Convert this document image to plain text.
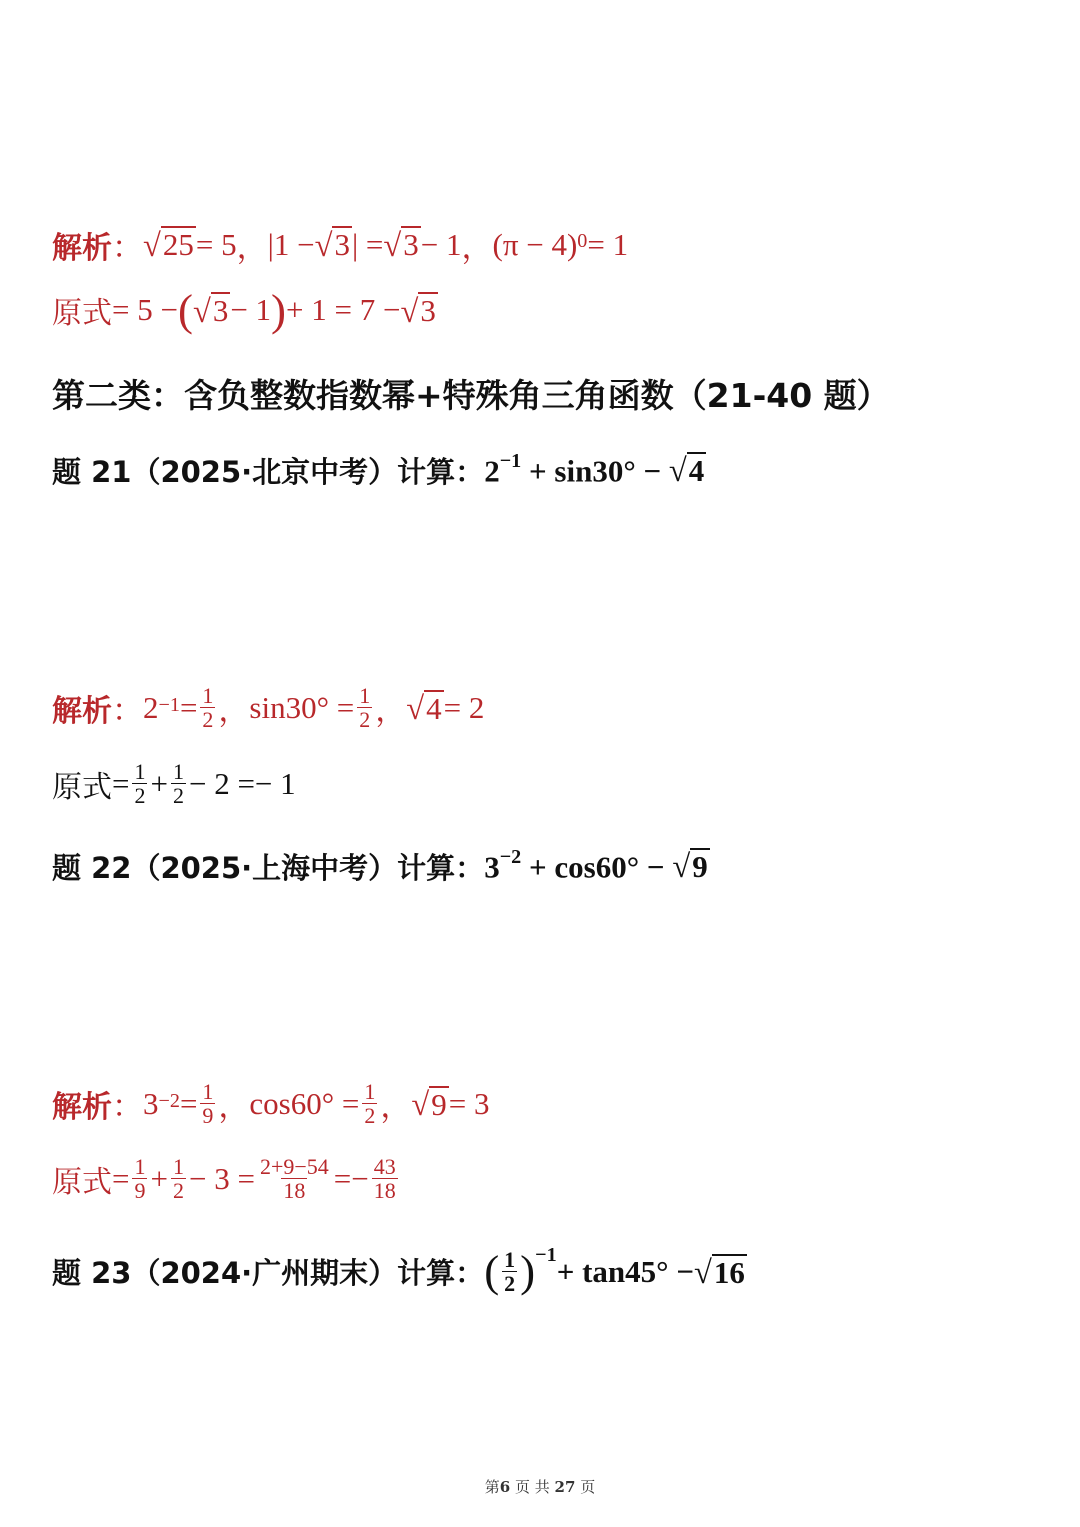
解析 ： √ 25 = 5 ， |1 − √ 3 | = √ 3 − 1 ， $(\pi - 4)^0 = 1$
原式 = 5 − ( √ 3 − 1 ) + 1 = 7 − √ 3
第二类：含负整数指数幂+特殊角三角函数（21-40 题）
题 21（2025·北京中考）计算： $2^{-1} + \sin 30^\circ$ − √ 4
解析 ： $2^{-1} = \frac{1}{2}$ ， $\sin 30^\circ = \frac{1}{2}$ ， √ 4 = 2
原式 = $\frac{1}{2} + \frac{1}{2} - 2 =- 1$
题 22（2025·上海中考）计算： $3^{-2} + \cos 60^\circ$ − √ 9
解析 ： $3^{-2} = \frac{1}{9}$ ， $\cos 60^\circ = \frac{1}{2}$ ， √ 9 = 3
原式 = $\frac{1}{9} + \frac{1}{2} - 3 = \frac{2+9-54}{18} =- \frac{43}{18}$
题 23（2024·广州期末）计算： ( $\frac{1}{2} )^{-1} + \tan 45^\circ$ − √ 16
第6 页 共 27 页
